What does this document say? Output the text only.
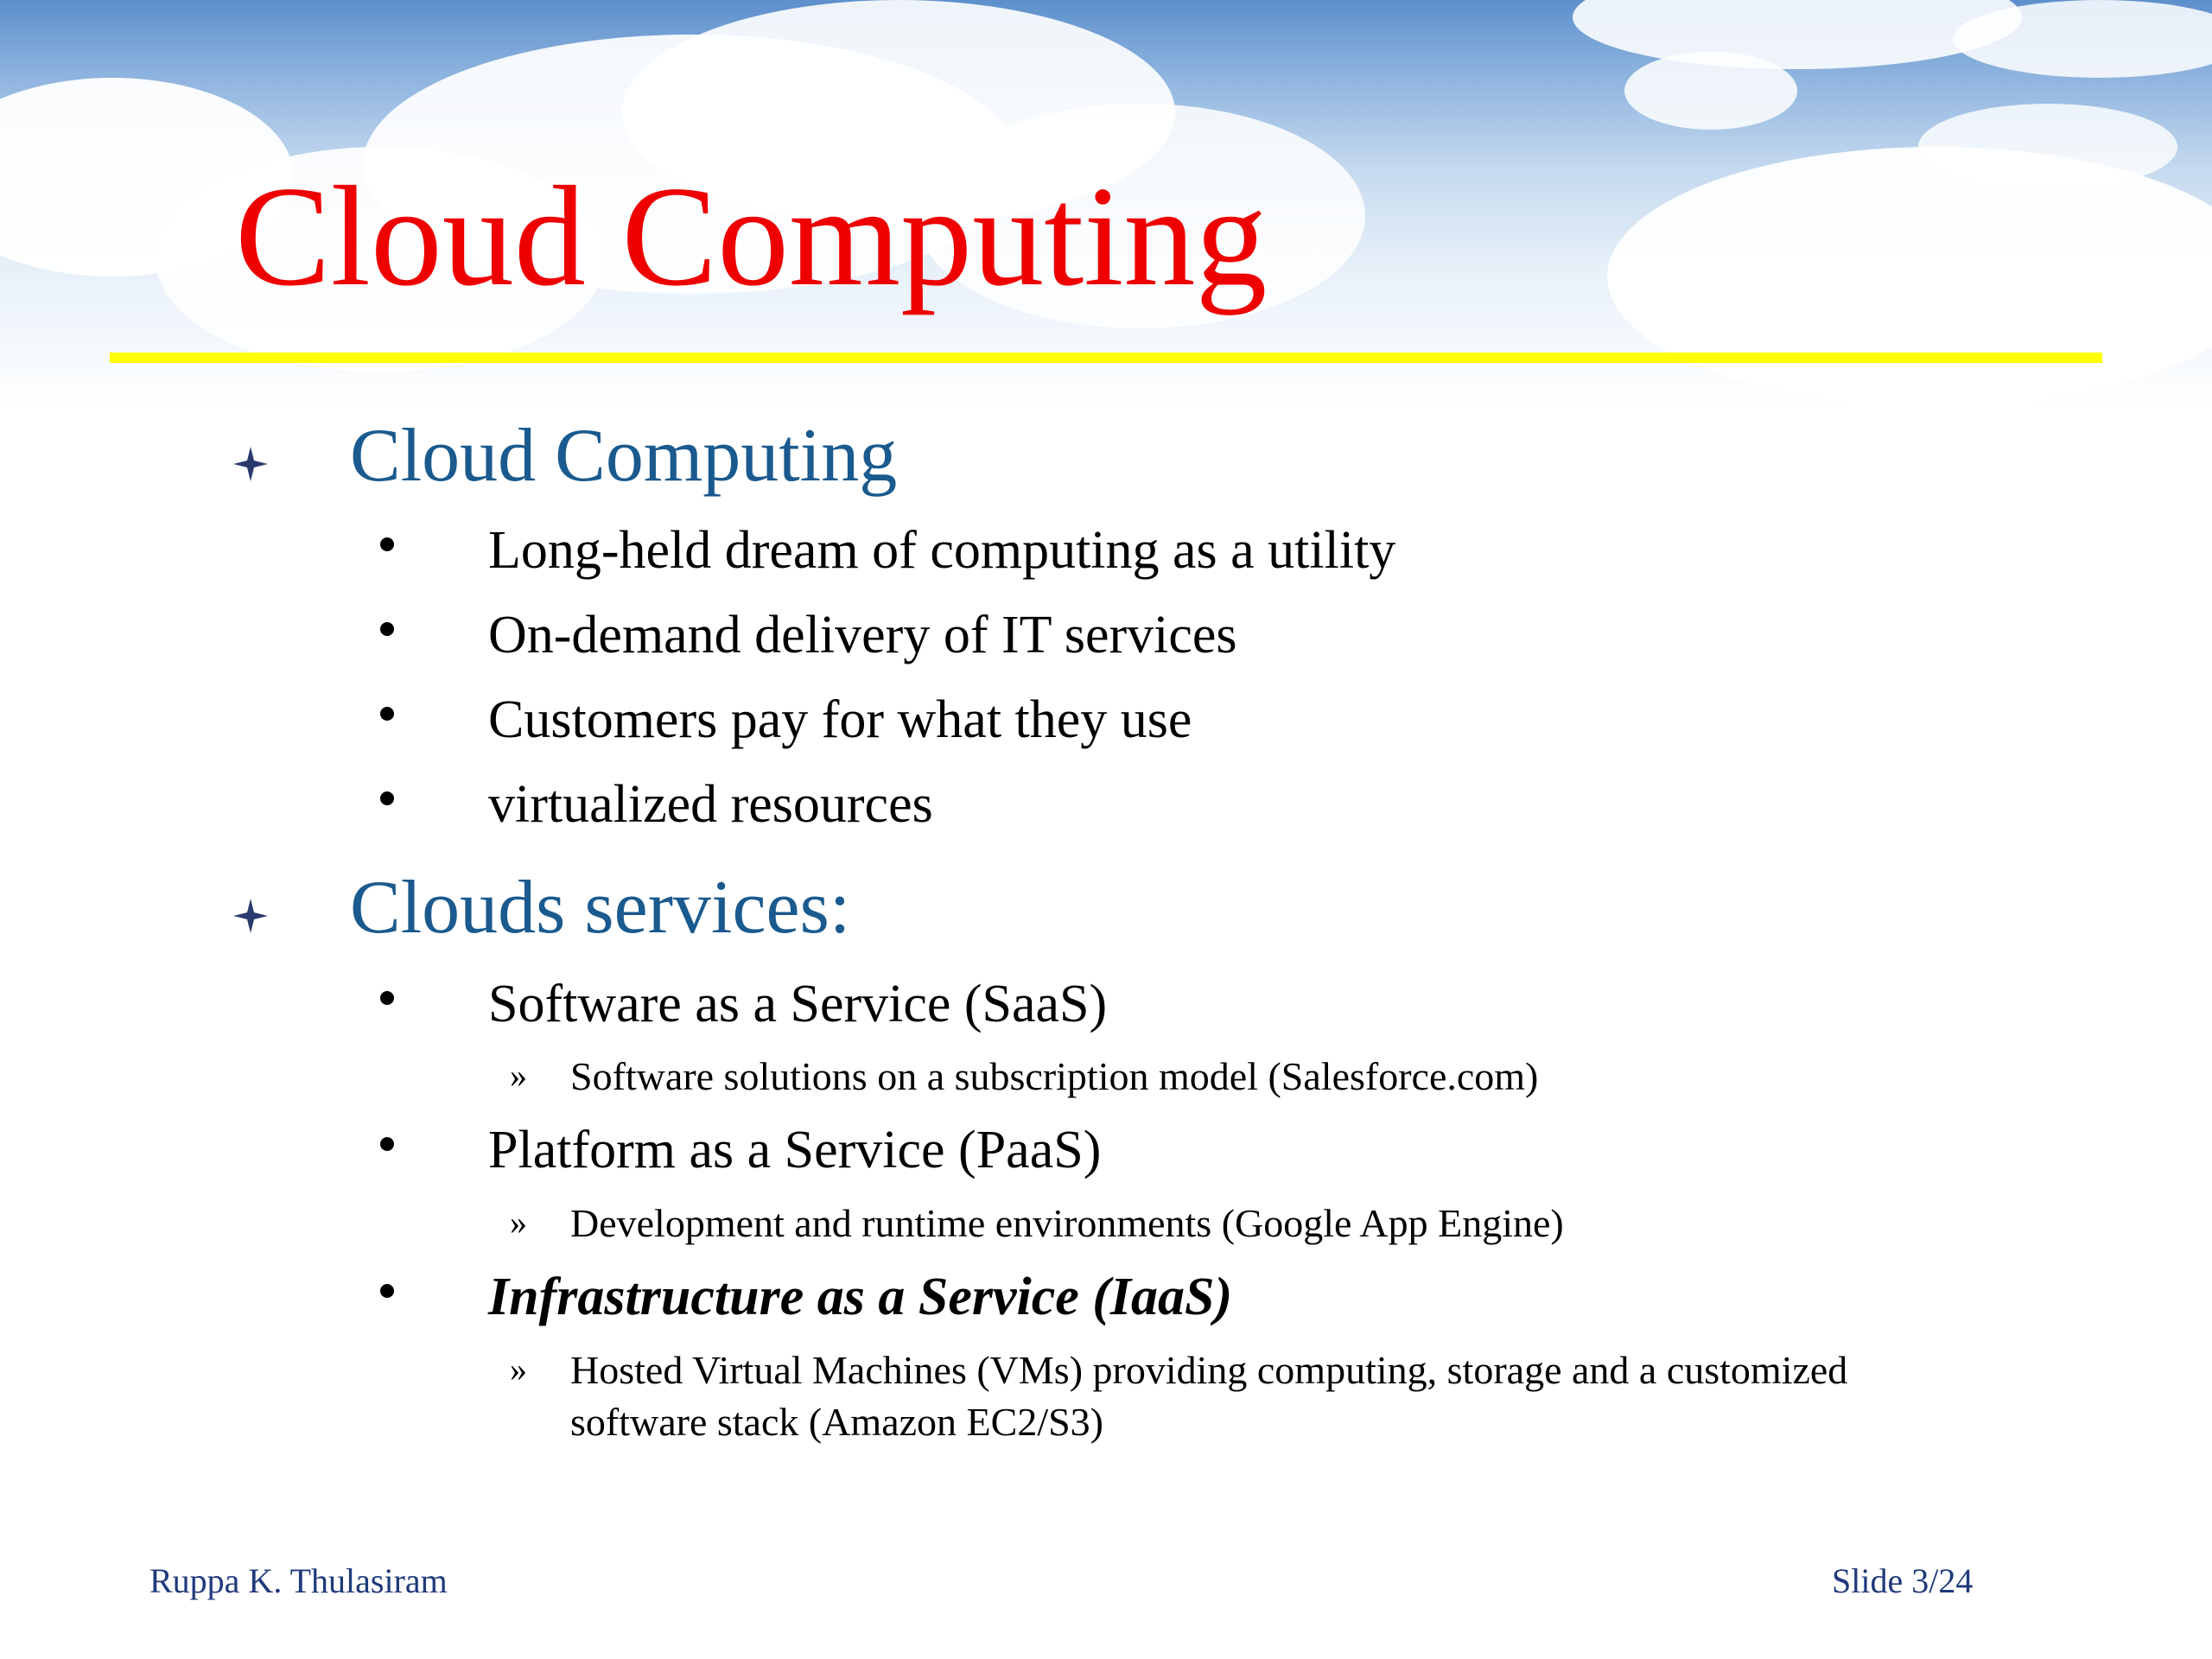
Cloud Computing
Cloud Computing
Long-held dream of computing as a utility
On-demand delivery of IT services
Customers pay for what they use
virtualized resources
Clouds services:
Software as a Service (SaaS)
» Software solutions on a subscription model (Salesforce.com)
Platform as a Service (PaaS)
» Development and runtime environments (Google App Engine)
Infrastructure as a Service (IaaS)
» Hosted Virtual Machines (VMs) providing computing, storage and a customized software stack (Amazon EC2/S3)
Ruppa K. Thulasiram	Slide 3/24
